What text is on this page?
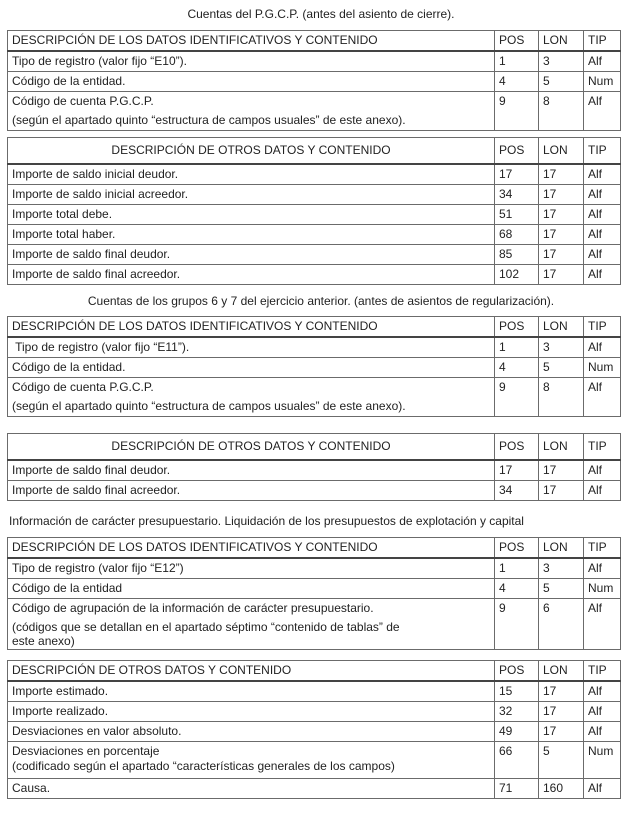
Cuentas del P.G.C.P. (antes del asiento de cierre).
DESCRIPCIÓN DE LOS DATOS IDENTIFICATIVOS Y CONTENIDO	POS	LON	TIP
Tipo de registro (valor fijo “E10”).	1	3	Alf
Código de la entidad.	4	5	Num

Código de cuenta P.G.C.P.
(según el apartado quinto “estructura de campos usuales” de este anexo).	9	8	Alf
DESCRIPCIÓN DE OTROS DATOS Y CONTENIDO	POS	LON	TIP
Importe de saldo inicial deudor.	17	17	Alf
Importe de saldo inicial acreedor.	34	17	Alf
Importe total debe.	51	17	Alf
Importe total haber.	68	17	Alf
Importe de saldo final deudor.	85	17	Alf
Importe de saldo final acreedor.	102	17	Alf
Cuentas de los grupos 6 y 7 del ejercicio anterior. (antes de asientos de regularización).
DESCRIPCIÓN DE LOS DATOS IDENTIFICATIVOS Y CONTENIDO	POS	LON	TIP
Tipo de registro (valor fijo “E11”).	1	3	Alf
Código de la entidad.	4	5	Num

Código de cuenta P.G.C.P.
(según el apartado quinto “estructura de campos usuales” de este anexo).	9	8	Alf
DESCRIPCIÓN DE OTROS DATOS Y CONTENIDO	POS	LON	TIP
Importe de saldo final deudor.	17	17	Alf
Importe de saldo final acreedor.	34	17	Alf
Información de carácter presupuestario. Liquidación de los presupuestos de explotación y capital
DESCRIPCIÓN DE LOS DATOS IDENTIFICATIVOS Y CONTENIDO	POS	LON	TIP
Tipo de registro (valor fijo “E12”)	1	3	Alf
Código de la entidad	4	5	Num

Código de agrupación de la información de carácter presupuestario.
(códigos que se detallan en el apartado séptimo “contenido de tablas” de este anexo)	9	6	Alf
DESCRIPCIÓN DE OTROS DATOS Y CONTENIDO	POS	LON	TIP
Importe estimado.	15	17	Alf
Importe realizado.	32	17	Alf
Desviaciones en valor absoluto.	49	17	Alf

Desviaciones en porcentaje
(codificado según el apartado “características generales de los campos)	66	5	Num
Causa.	71	160	Alf
